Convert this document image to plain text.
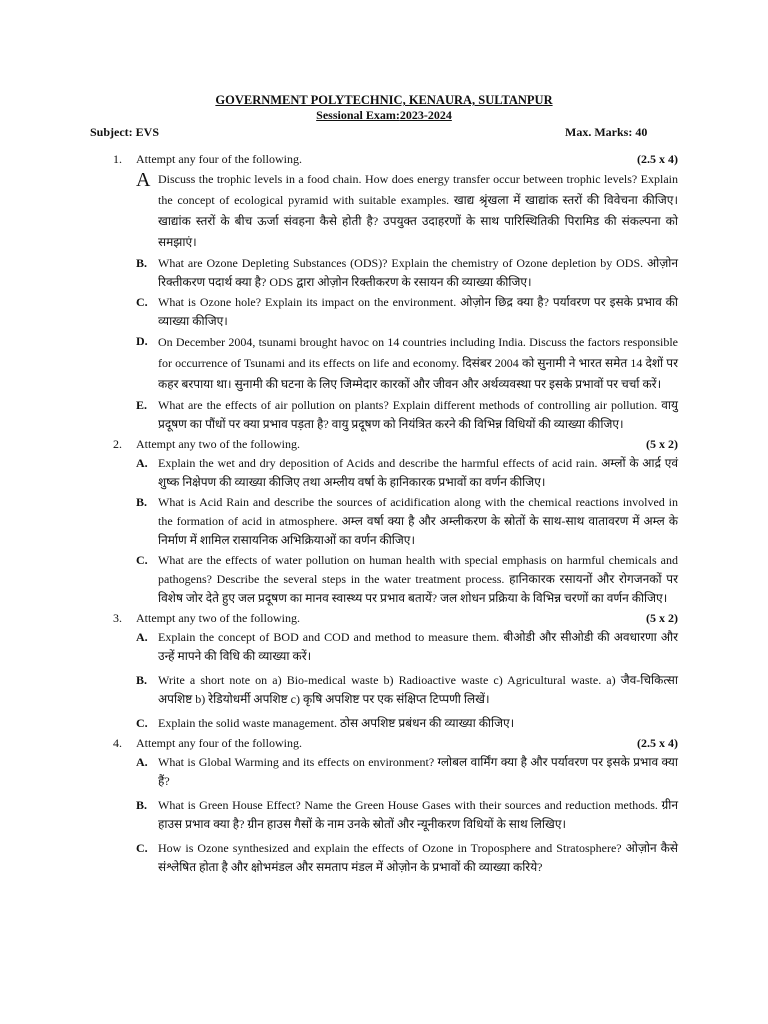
GOVERNMENT POLYTECHNIC, KENAURA, SULTANPUR
Sessional Exam:2023-2024
Subject: EVS	Max. Marks: 40
1. Attempt any four of the following.	(2.5 x 4)
A Discuss the trophic levels in a food chain. How does energy transfer occur between trophic levels? Explain the concept of ecological pyramid with suitable examples. खाद्य श्रृंखला में खाद्यांक स्तरों की विवेचना कीजिए। खाद्यांक स्तरों के बीच ऊर्जा संवहना कैसे होती है? उपयुक्त उदाहरणों के साथ पारिस्थितिकी पिरामिड की संकल्पना को समझाएं।
B. What are Ozone Depleting Substances (ODS)? Explain the chemistry of Ozone depletion by ODS. ओज़ोन रिक्तीकरण पदार्थ क्या है? ODS द्वारा ओज़ोन रिक्तीकरण के रसायन की व्याख्या कीजिए।
C. What is Ozone hole? Explain its impact on the environment. ओज़ोन छिद्र क्या है? पर्यावरण पर इसके प्रभाव की व्याख्या कीजिए।
D. On December 2004, tsunami brought havoc on 14 countries including India. Discuss the factors responsible for occurrence of Tsunami and its effects on life and economy. दिसंबर 2004 को सुनामी ने भारत समेत 14 देशों पर कहर बरपाया था। सुनामी की घटना के लिए जिम्मेदार कारकों और जीवन और अर्थव्यवस्था पर इसके प्रभावों पर चर्चा करें।
E. What are the effects of air pollution on plants? Explain different methods of controlling air pollution. वायु प्रदूषण का पौंधों पर क्या प्रभाव पड़ता है? वायु प्रदूषण को नियंत्रित करने की विभिन्न विधियों की व्याख्या कीजिए।
2. Attempt any two of the following.	(5 x 2)
A. Explain the wet and dry deposition of Acids and describe the harmful effects of acid rain. अम्लों के आर्द्र एवं शुष्क निक्षेपण की व्याख्या कीजिए तथा अम्लीय वर्षा के हानिकारक प्रभावों का वर्णन कीजिए।
B. What is Acid Rain and describe the sources of acidification along with the chemical reactions involved in the formation of acid in atmosphere. अम्ल वर्षा क्या है और अम्लीकरण के स्रोतों के साथ-साथ वातावरण में अम्ल के निर्माण में शामिल रासायनिक अभिक्रियाओं का वर्णन कीजिए।
C. What are the effects of water pollution on human health with special emphasis on harmful chemicals and pathogens? Describe the several steps in the water treatment process. हानिकारक रसायनों और रोगजनकों पर विशेष जोर देते हुए जल प्रदूषण का मानव स्वास्थ्य पर प्रभाव बतायें? जल शोधन प्रक्रिया के विभिन्न चरणों का वर्णन कीजिए।
3. Attempt any two of the following.	(5 x 2)
A. Explain the concept of BOD and COD and method to measure them. बीओडी और सीओडी की अवधारणा और उन्हें मापने की विधि की व्याख्या करें।
B. Write a short note on a) Bio-medical waste b) Radioactive waste c) Agricultural waste. a) जैव-चिकित्सा अपशिष्ट b) रेडियोधर्मी अपशिष्ट c) कृषि अपशिष्ट पर एक संक्षिप्त टिप्पणी लिखें।
C. Explain the solid waste management. ठोस अपशिष्ट प्रबंधन की व्याख्या कीजिए।
4. Attempt any four of the following.	(2.5 x 4)
A. What is Global Warming and its effects on environment? ग्लोबल वार्मिंग क्या है और पर्यावरण पर इसके प्रभाव क्या हैं?
B. What is Green House Effect? Name the Green House Gases with their sources and reduction methods. ग्रीन हाउस प्रभाव क्या है? ग्रीन हाउस गैसों के नाम उनके स्रोतों और न्यूनीकरण विधियों के साथ लिखिए।
C. How is Ozone synthesized and explain the effects of Ozone in Troposphere and Stratosphere? ओज़ोन कैसे संश्लेषित होता है और क्षोभमंडल और समताप मंडल में ओज़ोन के प्रभावों की व्याख्या करिये?
